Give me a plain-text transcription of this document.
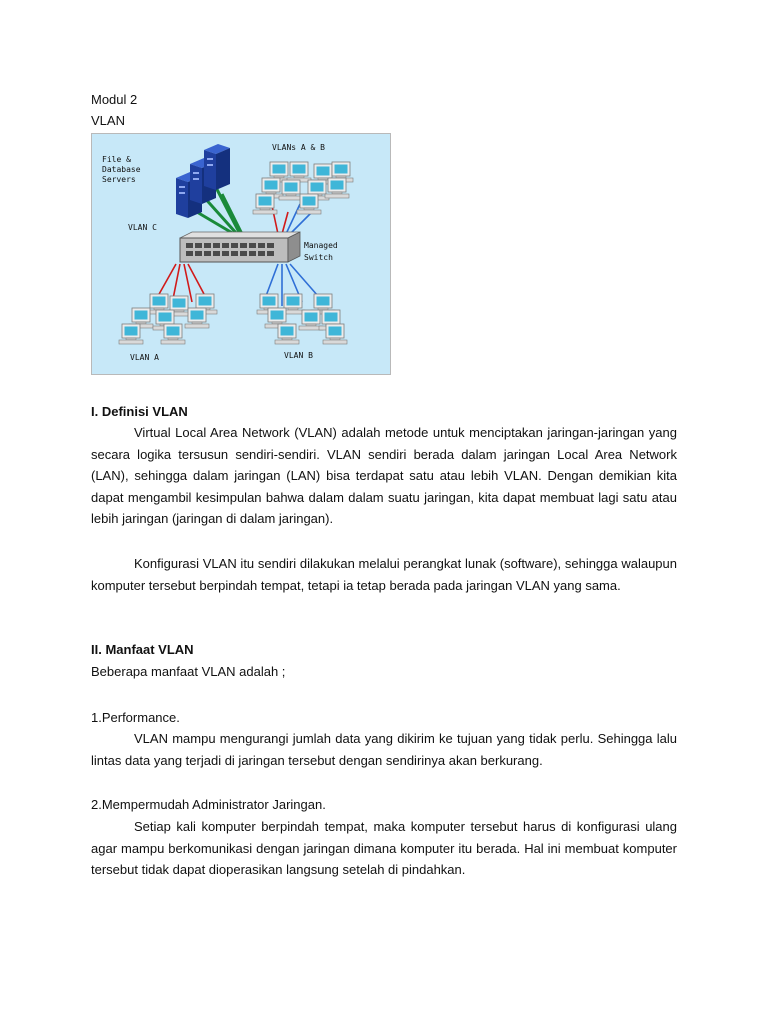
Modul 2
VLAN
File &
Database
Servers
VLANs A & B
VLAN C
Managed
Switch
VLAN A	VLAN B
I. Definisi VLAN

Virtual Local Area Network (VLAN) adalah metode untuk menciptakan jaringan-jaringan yang secara logika tersusun sendiri-sendiri. VLAN sendiri berada dalam jaringan Local Area Network (LAN), sehingga dalam jaringan (LAN) bisa terdapat satu atau lebih VLAN. Dengan demikian kita dapat mengambil kesimpulan bahwa dalam dalam suatu jaringan, kita dapat membuat lagi satu atau lebih jaringan (jaringan di dalam jaringan).

Konfigurasi VLAN itu sendiri dilakukan melalui perangkat lunak (software), sehingga walaupun komputer tersebut berpindah tempat, tetapi ia tetap berada pada jaringan VLAN yang sama.

II. Manfaat VLAN
Beberapa manfaat VLAN adalah ;
1.Performance.

VLAN mampu mengurangi jumlah data yang dikirim ke tujuan yang tidak perlu. Sehingga lalu lintas data yang terjadi di jaringan tersebut dengan sendirinya akan berkurang.

2.Mempermudah Administrator Jaringan.

Setiap kali komputer berpindah tempat, maka komputer tersebut harus di konfigurasi ulang agar mampu berkomunikasi dengan jaringan dimana komputer itu berada. Hal ini membuat komputer tersebut tidak dapat dioperasikan langsung setelah di pindahkan.
